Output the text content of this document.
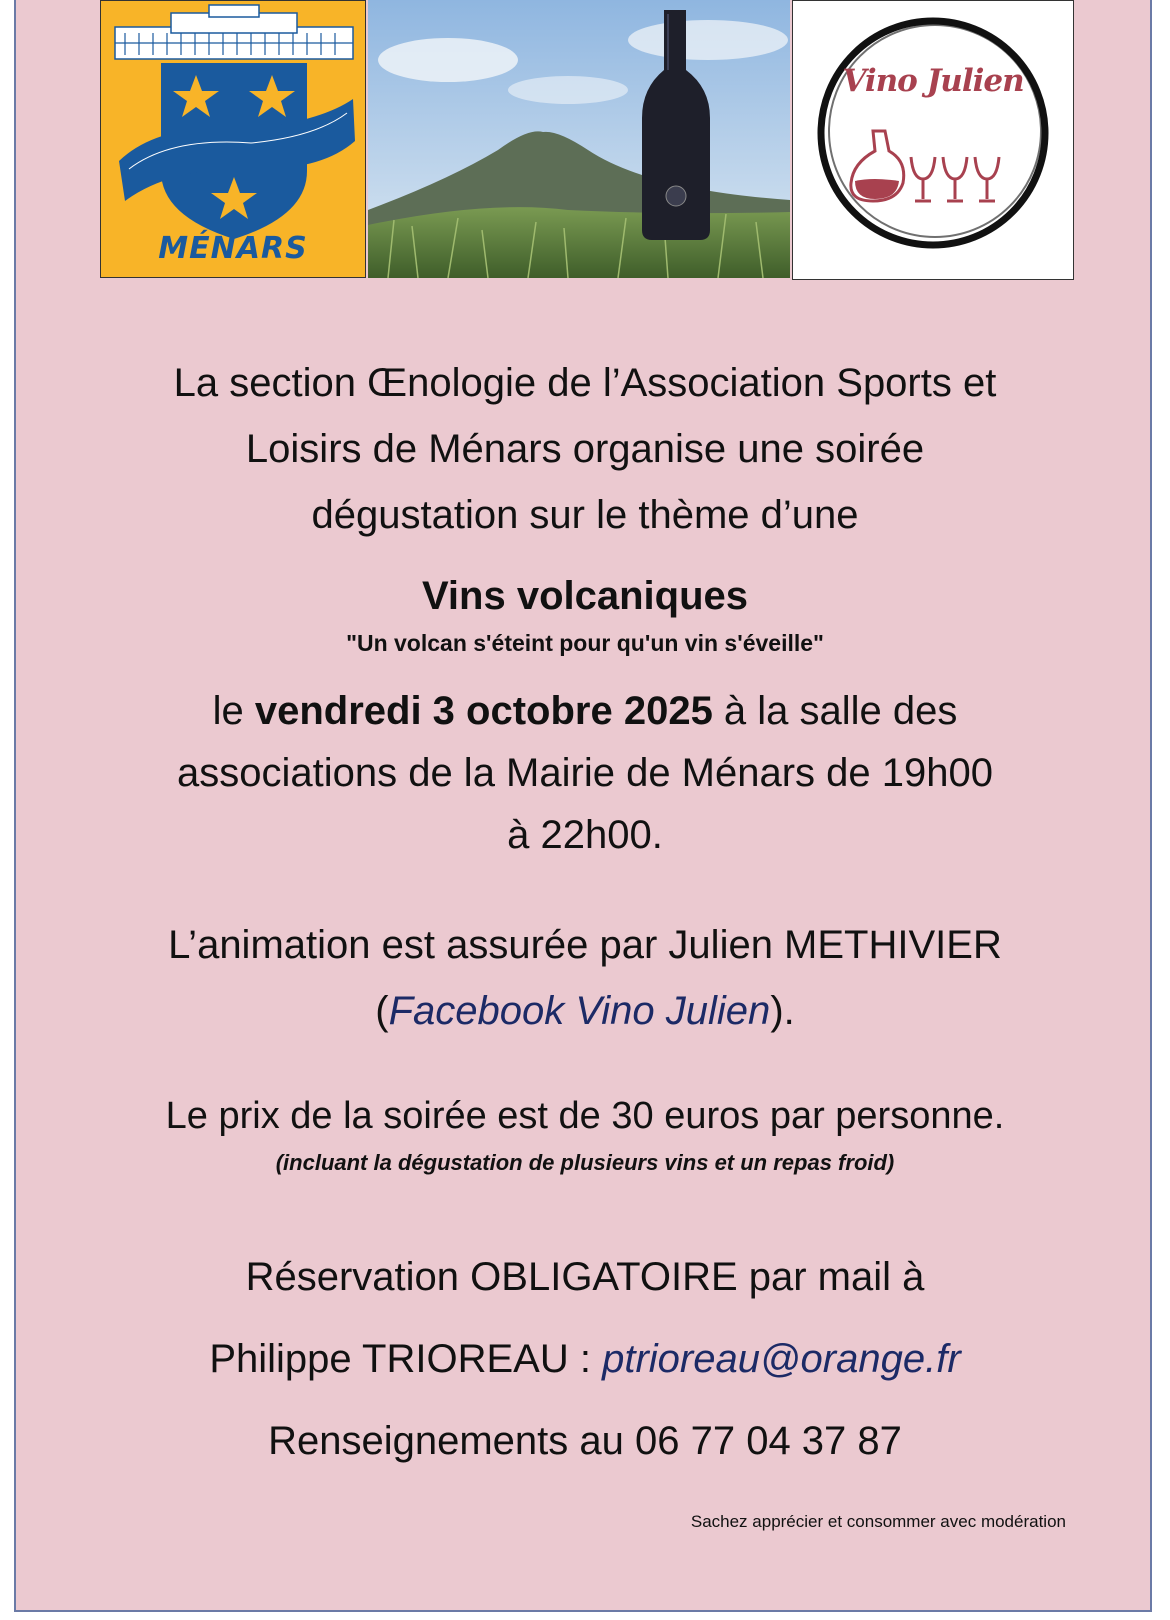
MÉNARS
Vino Julien
La section Œnologie de l’Association Sports et
Loisirs de Ménars organise une soirée
dégustation sur le thème d’une
Vins volcaniques
"Un volcan s'éteint pour qu'un vin s'éveille"
le vendredi 3 octobre 2025 à la salle des
associations de la Mairie de Ménars de 19h00
à 22h00.
L’animation est assurée par Julien METHIVIER
(Facebook Vino Julien).
Le prix de la soirée est de 30 euros par personne.
(incluant la dégustation de plusieurs vins et un repas froid)
Réservation OBLIGATOIRE par mail à
Philippe TRIOREAU : ptrioreau@orange.fr
Renseignements au 06 77 04 37 87
Sachez apprécier et consommer avec modération
